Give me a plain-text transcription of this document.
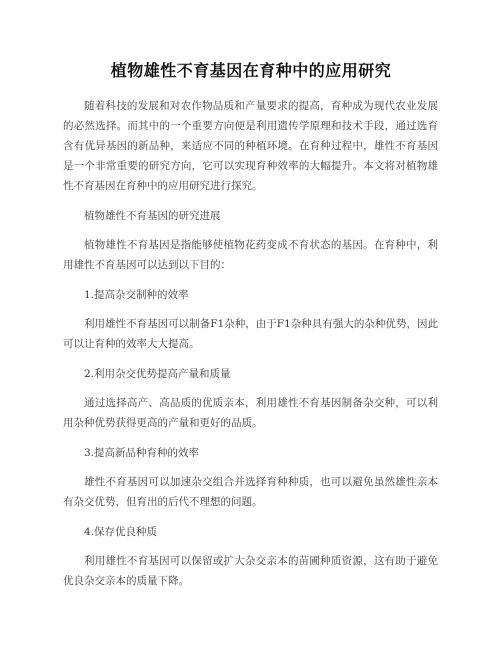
植物雄性不育基因在育种中的应用研究

随着科技的发展和对农作物品质和产量要求的提高，育种成为现代农业发展的必然选择。而其中的一个重要方向便是利用遗传学原理和技术手段，通过选育含有优异基因的新品种，来适应不同的种植环境。在育种过程中，雄性不育基因是一个非常重要的研究方向，它可以实现育种效率的大幅提升。本文将对植物雄性不育基因在育种中的应用研究进行探究。

植物雄性不育基因的研究进展

植物雄性不育基因是指能够使植物花药变成不育状态的基因。在育种中，利用雄性不育基因可以达到以下目的：

1.提高杂交制种的效率

利用雄性不育基因可以制备F1杂种，由于F1杂种具有强大的杂种优势，因此可以让育种的效率大大提高。

2.利用杂交优势提高产量和质量

通过选择高产、高品质的优质亲本，利用雄性不育基因制备杂交种，可以利用杂种优势获得更高的产量和更好的品质。

3.提高新品种育种的效率

雄性不育基因可以加速杂交组合并选择育种种质，也可以避免虽然雄性亲本有杂交优势，但育出的后代不理想的问题。

4.保存优良种质

利用雄性不育基因可以保留或扩大杂交亲本的苗圃种质资源，这有助于避免优良杂交亲本的质量下降。
